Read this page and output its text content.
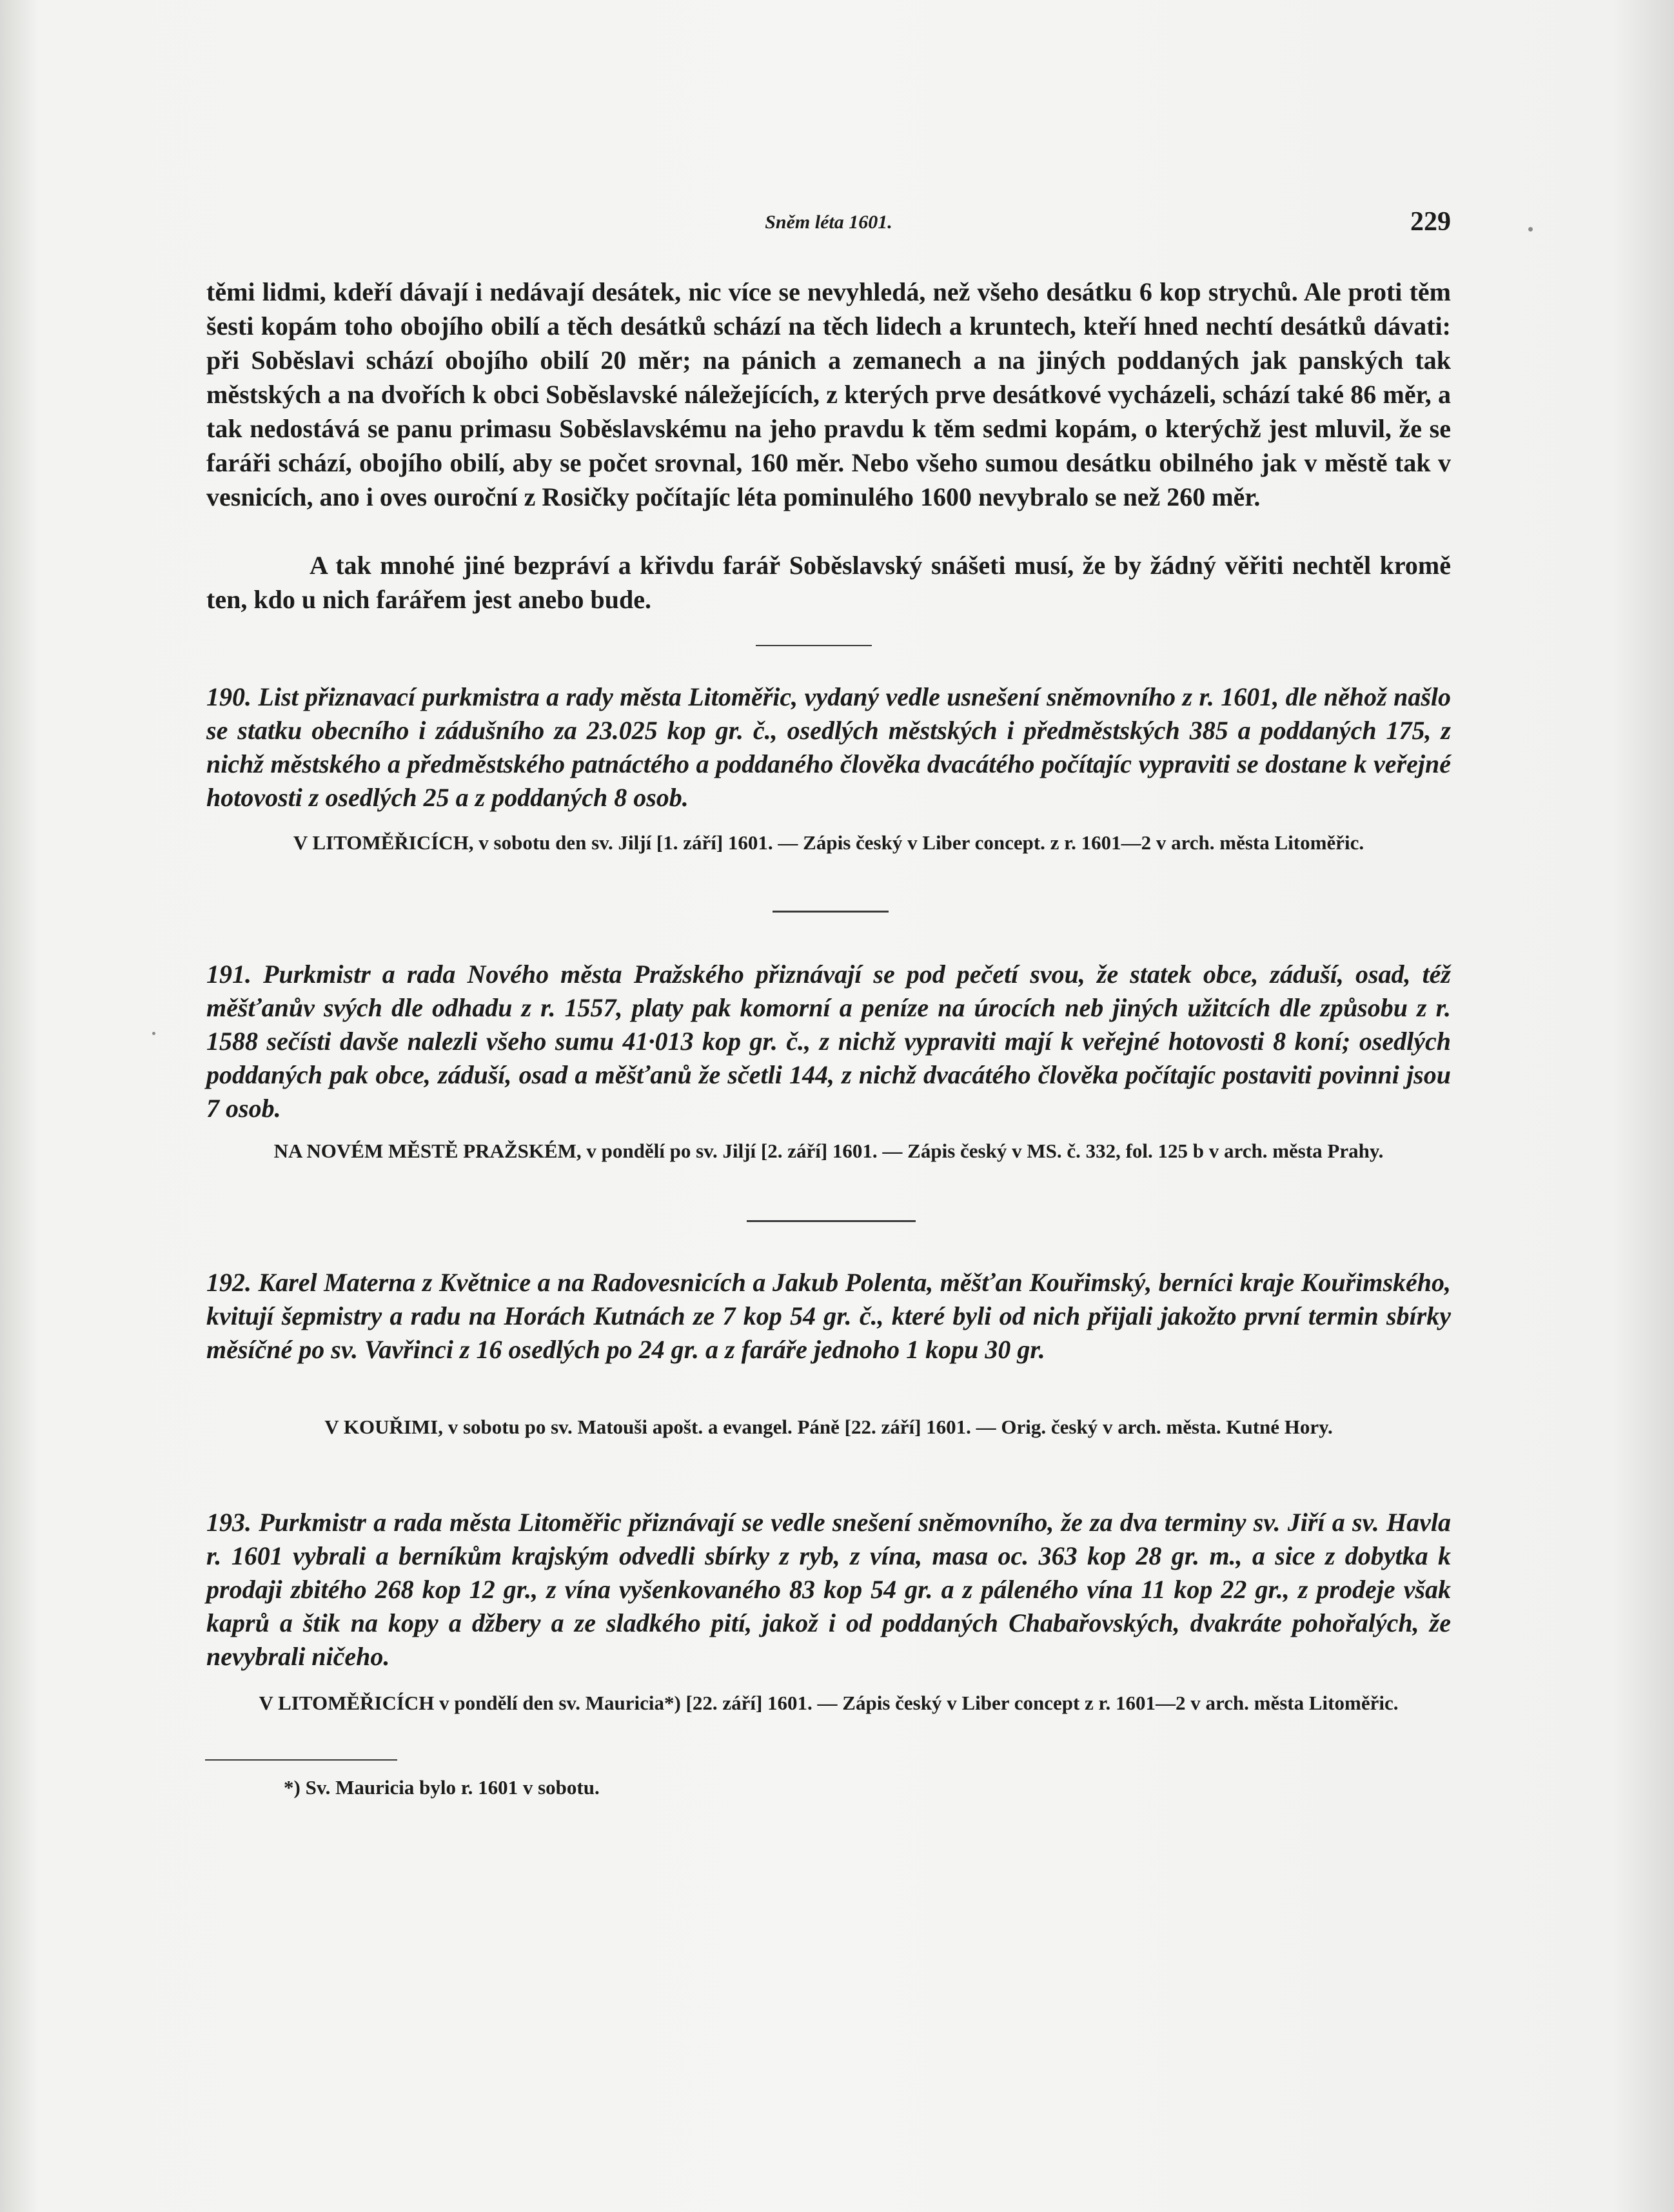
Sněm léta 1601.	229

těmi lidmi, kdeří dávají i nedávají desátek, nic více se nevyhledá, než všeho desátku 6 kop strychů. Ale proti těm šesti kopám toho obojího obilí a těch desátků schází na těch lidech a kruntech, kteří hned nechtí desátků dávati: při Soběslavi schází obojího obilí 20 měr; na pánich a zemanech a na jiných poddaných jak panských tak městských a na dvořích k obci Soběslavské náležejících, z kterých prve desátkové vycházeli, schází také 86 měr, a tak nedostává se panu primasu Soběslavskému na jeho pravdu k těm sedmi kopám, o kterýchž jest mluvil, že se faráři schází, obojího obilí, aby se počet srovnal, 160 měr. Nebo všeho sumou desátku obilného jak v městě tak v vesnicích, ano i oves ouroční z Rosičky počítajíc léta pominulého 1600 nevybralo se než 260 měr.

A tak mnohé jiné bezpráví a křivdu farář Soběslavský snášeti musí, že by žádný věřiti nechtěl kromě ten, kdo u nich farářem jest anebo bude.

190. List přiznavací purkmistra a rady města Litoměřic, vydaný vedle usnešení sněmovního z r. 1601, dle něhož našlo se statku obecního i zádušního za 23.025 kop gr. č., osedlých městských i předměstských 385 a poddaných 175, z nichž městského a předměstského patnáctého a poddaného člověka dvacátého počítajíc vypraviti se dostane k veřejné hotovosti z osedlých 25 a z poddaných 8 osob.

V LITOMĚŘICÍCH, v sobotu den sv. Jiljí [1. září] 1601. — Zápis český v Liber concept. z r. 1601—2 v arch. města Litoměřic.

191. Purkmistr a rada Nového města Pražského přiznávají se pod pečetí svou, že statek obce, záduší, osad, též měšťanův svých dle odhadu z r. 1557, platy pak komorní a peníze na úrocích neb jiných užitcích dle způsobu z r. 1588 sečísti davše nalezli všeho sumu 41·013 kop gr. č., z nichž vypraviti mají k veřejné hotovosti 8 koní; osedlých poddaných pak obce, záduší, osad a měšťanů že sčetli 144, z nichž dvacátého člověka počítajíc postaviti povinni jsou 7 osob.

NA NOVÉM MĚSTĚ PRAŽSKÉM, v pondělí po sv. Jiljí [2. září] 1601. — Zápis český v MS. č. 332, fol. 125 b v arch. města Prahy.

192. Karel Materna z Květnice a na Radovesnicích a Jakub Polenta, měšťan Kouřimský, berníci kraje Kouřimského, kvitují šepmistry a radu na Horách Kutnách ze 7 kop 54 gr. č., které byli od nich přijali jakožto první termin sbírky měsíčné po sv. Vavřinci z 16 osedlých po 24 gr. a z faráře jednoho 1 kopu 30 gr.

V KOUŘIMI, v sobotu po sv. Matouši apošt. a evangel. Páně [22. září] 1601. — Orig. český v arch. města. Kutné Hory.

193. Purkmistr a rada města Litoměřic přiznávají se vedle snešení sněmovního, že za dva terminy sv. Jiří a sv. Havla r. 1601 vybrali a berníkům krajským odvedli sbírky z ryb, z vína, masa oc. 363 kop 28 gr. m., a sice z dobytka k prodaji zbitého 268 kop 12 gr., z vína vyšenkovaného 83 kop 54 gr. a z páleného vína 11 kop 22 gr., z prodeje však kaprů a štik na kopy a džbery a ze sladkého pití, jakož i od poddaných Chabařovských, dvakráte pohořalých, že nevybrali ničeho.

V LITOMĚŘICÍCH v pondělí den sv. Mauricia*) [22. září] 1601. — Zápis český v Liber concept z r. 1601—2 v arch. města Litoměřic.

*) Sv. Mauricia bylo r. 1601 v sobotu.
